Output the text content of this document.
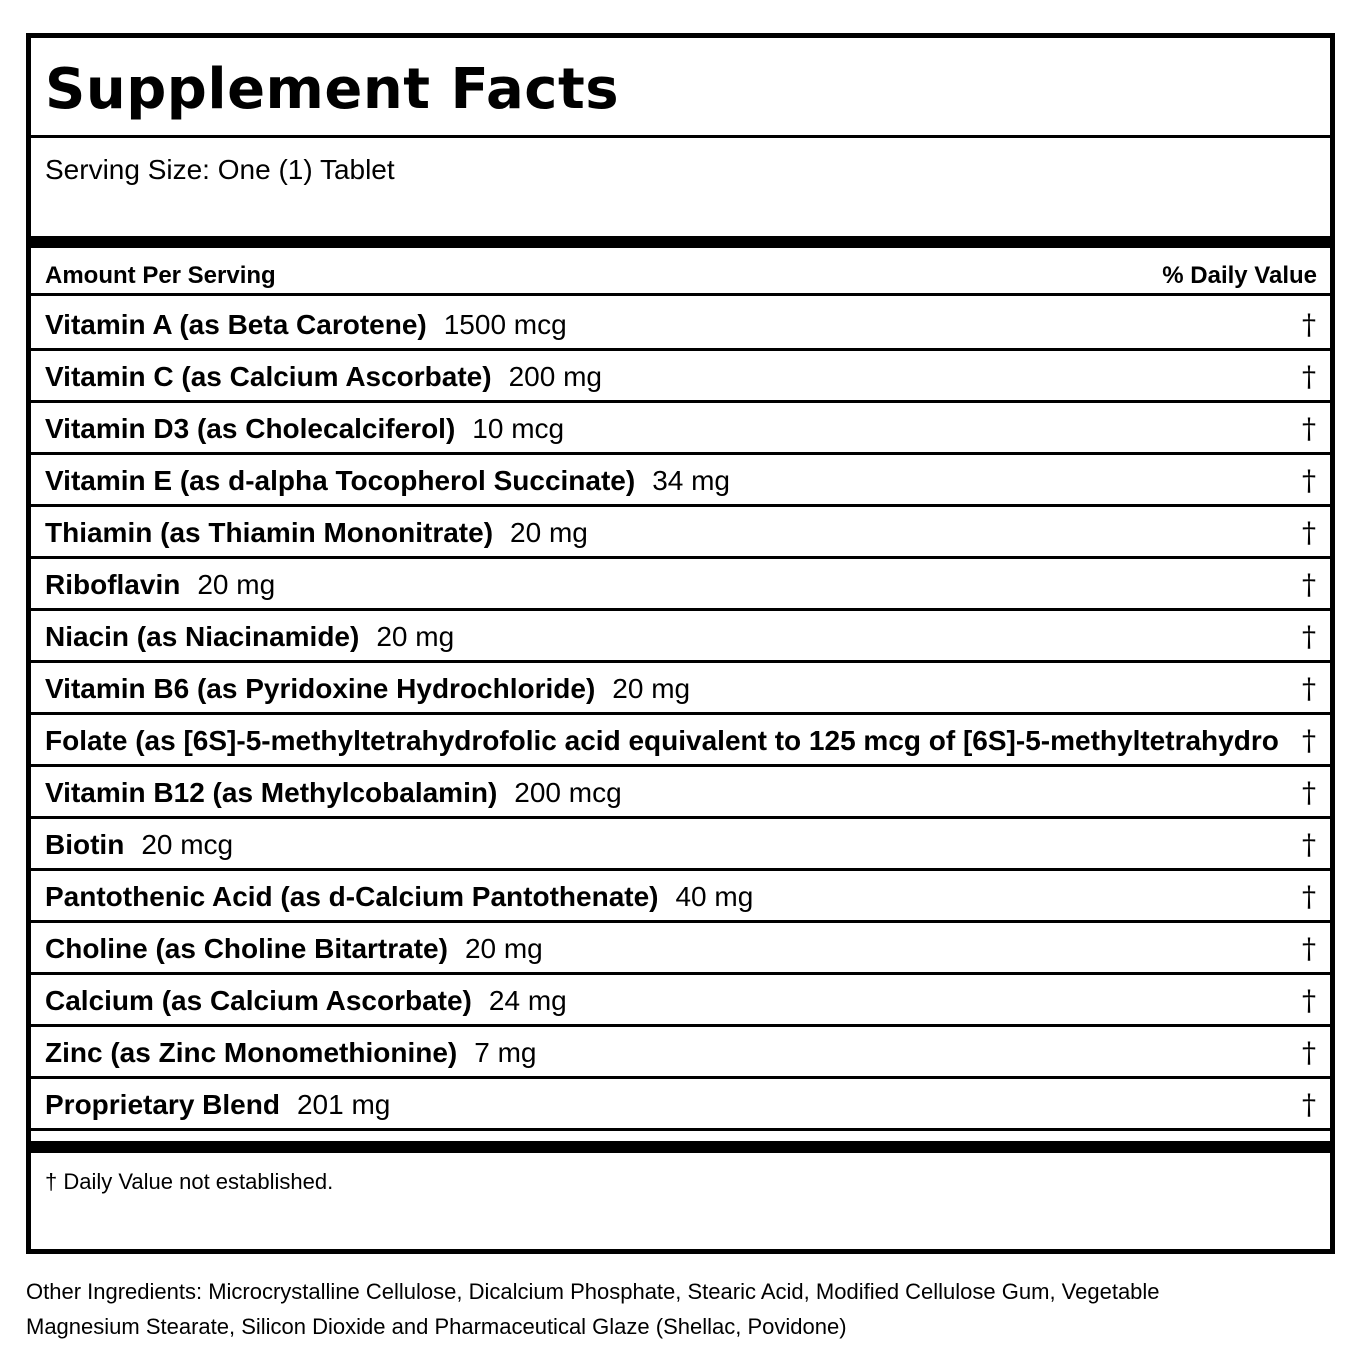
Supplement Facts
Serving Size: One (1) Tablet
Amount Per Serving	% Daily Value
Vitamin A (as Beta Carotene) 1500 mcg	†
Vitamin C (as Calcium Ascorbate) 200 mg	†
Vitamin D3 (as Cholecalciferol) 10 mcg	†
Vitamin E (as d-alpha Tocopherol Succinate) 34 mg	†
Thiamin (as Thiamin Mononitrate) 20 mg	†
Riboflavin 20 mg	†
Niacin (as Niacinamide) 20 mg	†
Vitamin B6 (as Pyridoxine Hydrochloride) 20 mg	†
Folate (as [6S]-5-methyltetrahydrofolic acid equivalent to 125 mcg of [6S]-5-methyltetrahydro †
Vitamin B12 (as Methylcobalamin) 200 mcg	†
Biotin 20 mcg	†
Pantothenic Acid (as d-Calcium Pantothenate) 40 mg	†
Choline (as Choline Bitartrate) 20 mg	†
Calcium (as Calcium Ascorbate) 24 mg	†
Zinc (as Zinc Monomethionine) 7 mg	†
Proprietary Blend 201 mg	†
† Daily Value not established.
Other Ingredients: Microcrystalline Cellulose, Dicalcium Phosphate, Stearic Acid, Modified Cellulose Gum, Vegetable
Magnesium Stearate, Silicon Dioxide and Pharmaceutical Glaze (Shellac, Povidone)
